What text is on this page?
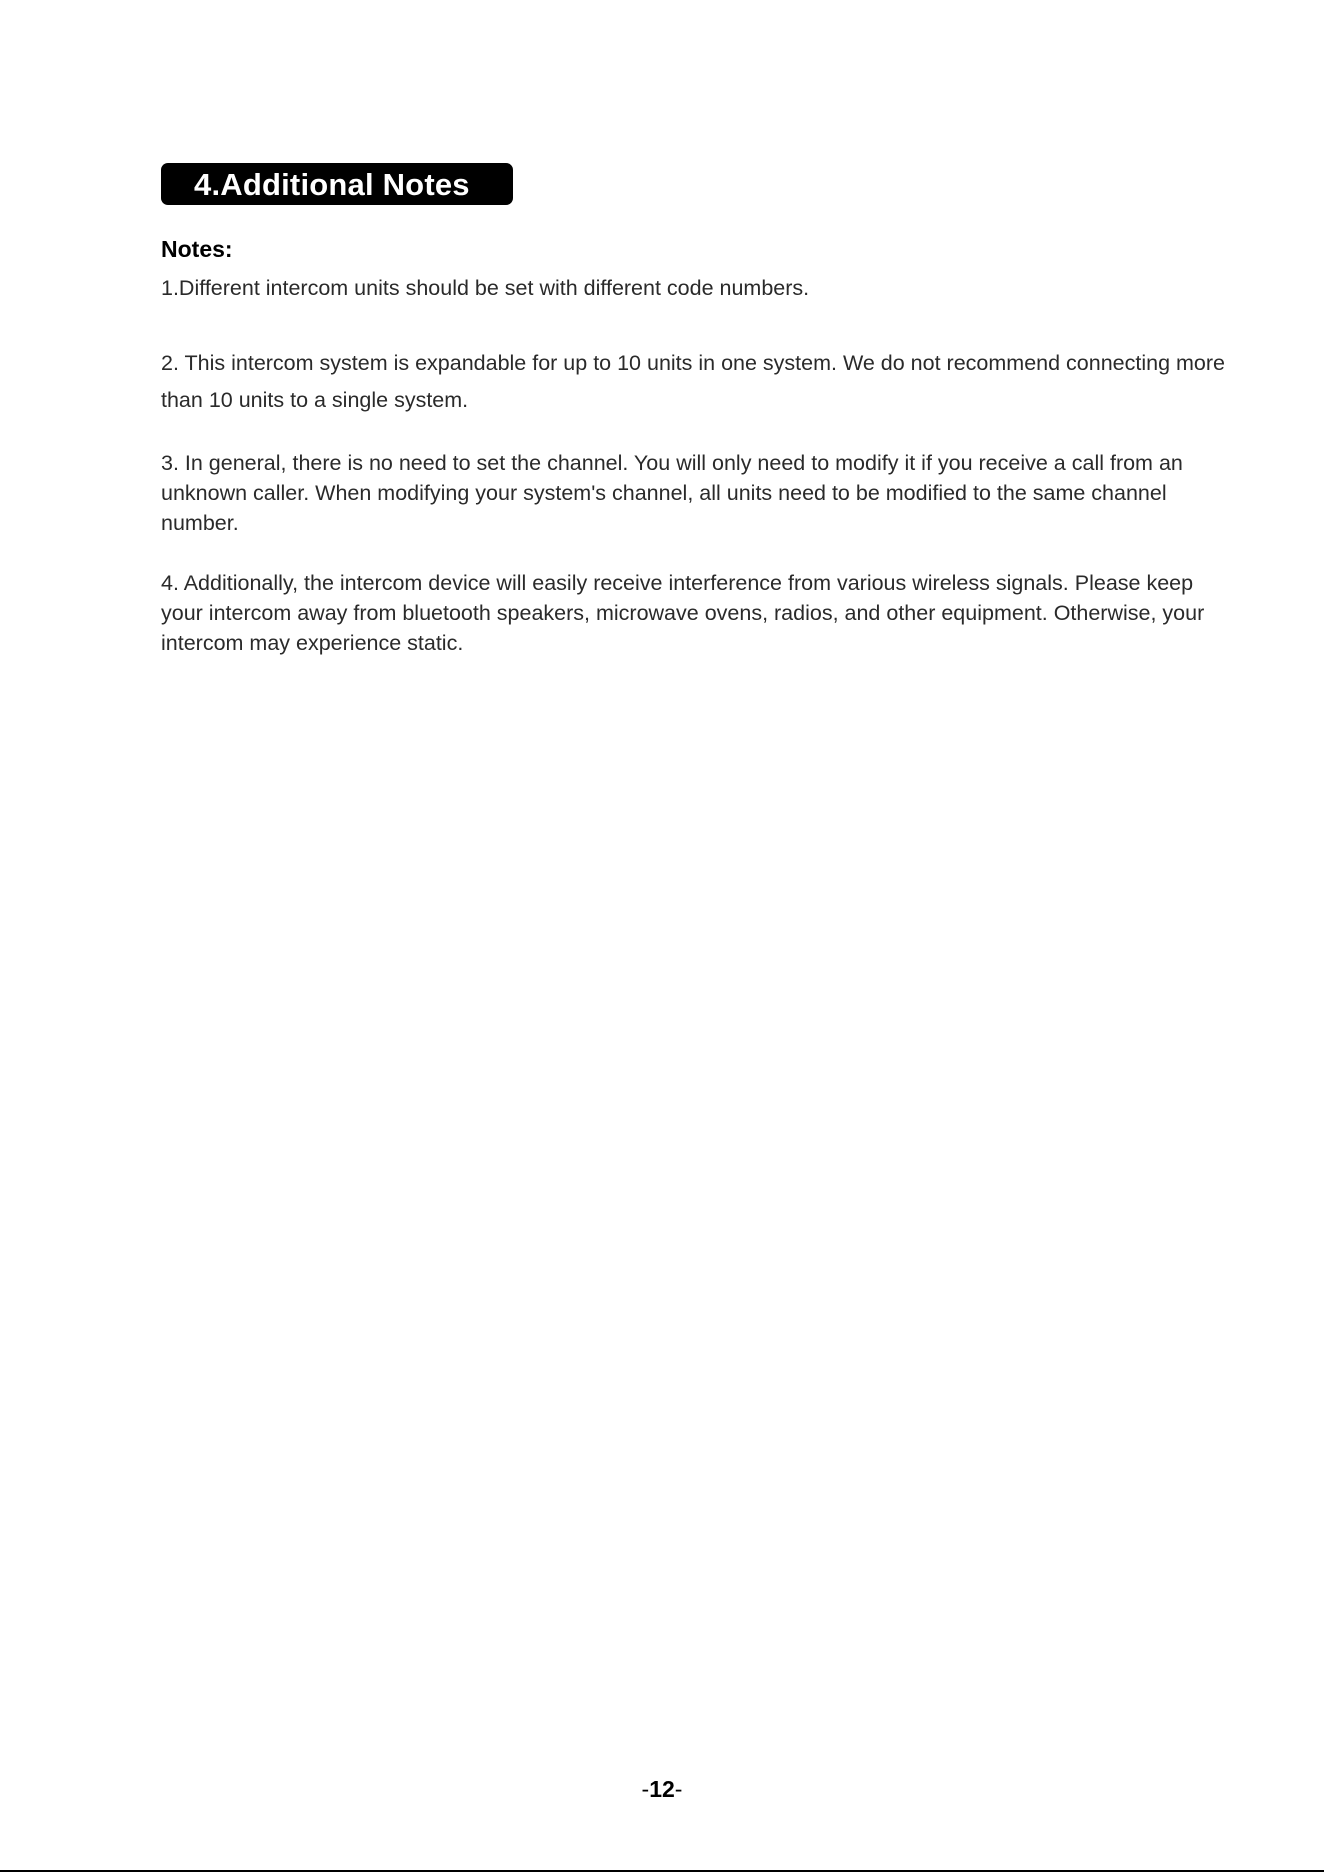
4.Additional Notes
Notes:
1.Different intercom units should be set with different code numbers.
2. This intercom system is expandable for up to 10 units in one system. We do not recommend connecting more than 10 units to a single system.
3. In general, there is no need to set the channel. You will only need to modify it if you receive a call from an unknown caller. When modifying your system's channel, all units need to be modified to the same channel number.
4. Additionally, the intercom device will easily receive interference from various wireless signals. Please keep your intercom away from bluetooth speakers, microwave ovens, radios, and other equipment. Otherwise, your intercom may experience static.
-12-
